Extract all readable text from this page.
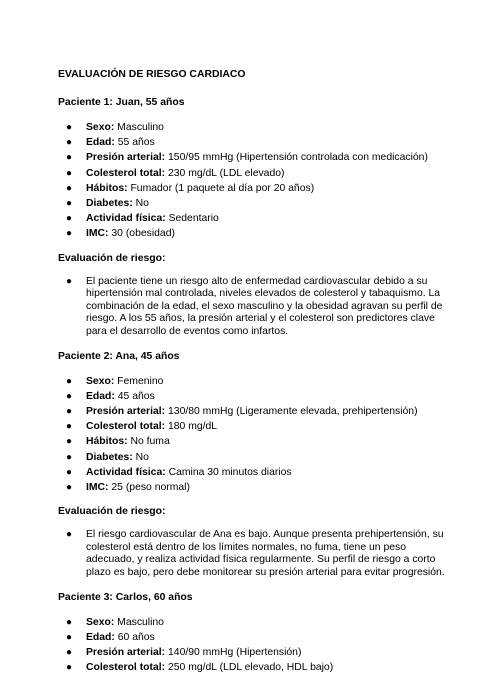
EVALUACIÓN DE RIESGO CARDIACO
Paciente 1: Juan, 55 años
● Sexo: Masculino
● Edad: 55 años
● Presión arterial: 150/95 mmHg (Hipertensión controlada con medicación)
● Colesterol total: 230 mg/dL (LDL elevado)
● Hábitos: Fumador (1 paquete al día por 20 años)
● Diabetes: No
● Actividad física: Sedentario
● IMC: 30 (obesidad)
Evaluación de riesgo:
● El paciente tiene un riesgo alto de enfermedad cardiovascular debido a su hipertensión mal controlada, niveles elevados de colesterol y tabaquismo. La combinación de la edad, el sexo masculino y la obesidad agravan su perfil de riesgo. A los 55 años, la presión arterial y el colesterol son predictores clave para el desarrollo de eventos como infartos.
Paciente 2: Ana, 45 años
● Sexo: Femenino
● Edad: 45 años
● Presión arterial: 130/80 mmHg (Ligeramente elevada, prehipertensión)
● Colesterol total: 180 mg/dL
● Hábitos: No fuma
● Diabetes: No
● Actividad física: Camina 30 minutos diarios
● IMC: 25 (peso normal)
Evaluación de riesgo:
● El riesgo cardiovascular de Ana es bajo. Aunque presenta prehipertensión, su colesterol está dentro de los límites normales, no fuma, tiene un peso adecuado, y realiza actividad física regularmente. Su perfil de riesgo a corto plazo es bajo, pero debe monitorear su presión arterial para evitar progresión.
Paciente 3: Carlos, 60 años
● Sexo: Masculino
● Edad: 60 años
● Presión arterial: 140/90 mmHg (Hipertensión)
● Colesterol total: 250 mg/dL (LDL elevado, HDL bajo)
